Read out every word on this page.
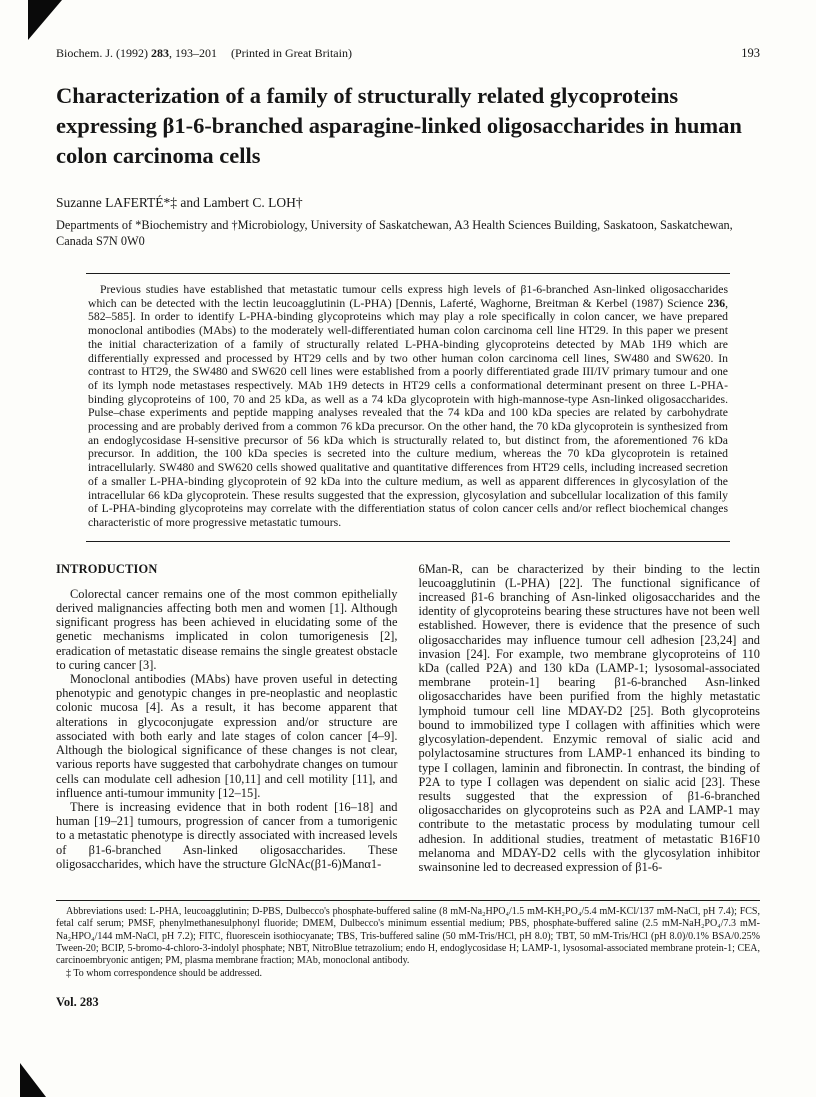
Biochem. J. (1992) 283, 193–201 (Printed in Great Britain)	193
Characterization of a family of structurally related glycoproteins expressing β1-6-branched asparagine-linked oligosaccharides in human colon carcinoma cells
Suzanne LAFERTÉ*‡ and Lambert C. LOH†
Departments of *Biochemistry and †Microbiology, University of Saskatchewan, A3 Health Sciences Building, Saskatoon, Saskatchewan, Canada S7N 0W0

Previous studies have established that metastatic tumour cells express high levels of β1-6-branched Asn-linked oligosaccharides which can be detected with the lectin leucoagglutinin (L-PHA) [Dennis, Laferté, Waghorne, Breitman & Kerbel (1987) Science 236, 582–585]. In order to identify L-PHA-binding glycoproteins which may play a role specifically in colon cancer, we have prepared monoclonal antibodies (MAbs) to the moderately well-differentiated human colon carcinoma cell line HT29. In this paper we present the initial characterization of a family of structurally related L-PHA-binding glycoproteins detected by MAb 1H9 which are differentially expressed and processed by HT29 cells and by two other human colon carcinoma cell lines, SW480 and SW620. In contrast to HT29, the SW480 and SW620 cell lines were established from a poorly differentiated grade III/IV primary tumour and one of its lymph node metastases respectively. MAb 1H9 detects in HT29 cells a conformational determinant present on three L-PHA-binding glycoproteins of 100, 70 and 25 kDa, as well as a 74 kDa glycoprotein with high-mannose-type Asn-linked oligosaccharides. Pulse–chase experiments and peptide mapping analyses revealed that the 74 kDa and 100 kDa species are related by carbohydrate processing and are probably derived from a common 76 kDa precursor. On the other hand, the 70 kDa glycoprotein is synthesized from an endoglycosidase H-sensitive precursor of 56 kDa which is structurally related to, but distinct from, the aforementioned 76 kDa precursor. In addition, the 100 kDa species is secreted into the culture medium, whereas the 70 kDa glycoprotein is retained intracellularly. SW480 and SW620 cells showed qualitative and quantitative differences from HT29 cells, including increased secretion of a smaller L-PHA-binding glycoprotein of 92 kDa into the culture medium, as well as apparent differences in glycosylation of the intracellular 66 kDa glycoprotein. These results suggested that the expression, glycosylation and subcellular localization of this family of L-PHA-binding glycoproteins may correlate with the differentiation status of colon cancer cells and/or reflect biochemical changes characteristic of more progressive metastatic tumours.

INTRODUCTION

Colorectal cancer remains one of the most common epithelially derived malignancies affecting both men and women [1]. Although significant progress has been achieved in elucidating some of the genetic mechanisms implicated in colon tumorigenesis [2], eradication of metastatic disease remains the single greatest obstacle to curing cancer [3].

Monoclonal antibodies (MAbs) have proven useful in detecting phenotypic and genotypic changes in pre-neoplastic and neoplastic colonic mucosa [4]. As a result, it has become apparent that alterations in glycoconjugate expression and/or structure are associated with both early and late stages of colon cancer [4–9]. Although the biological significance of these changes is not clear, various reports have suggested that carbohydrate changes on tumour cells can modulate cell adhesion [10,11] and cell motility [11], and influence anti-tumour immunity [12–15].

There is increasing evidence that in both rodent [16–18] and human [19–21] tumours, progression of cancer from a tumorigenic to a metastatic phenotype is directly associated with increased levels of β1-6-branched Asn-linked oligosaccharides. These oligosaccharides, which have the structure GlcNAc(β1-6)Manα1-

6Man-R, can be characterized by their binding to the lectin leucoagglutinin (L-PHA) [22]. The functional significance of increased β1-6 branching of Asn-linked oligosaccharides and the identity of glycoproteins bearing these structures have not been well established. However, there is evidence that the presence of such oligosaccharides may influence tumour cell adhesion [23,24] and invasion [24]. For example, two membrane glycoproteins of 110 kDa (called P2A) and 130 kDa (LAMP-1; lysosomal-associated membrane protein-1] bearing β1-6-branched Asn-linked oligosaccharides have been purified from the highly metastatic lymphoid tumour cell line MDAY-D2 [25]. Both glycoproteins bound to immobilized type I collagen with affinities which were glycosylation-dependent. Enzymic removal of sialic acid and polylactosamine structures from LAMP-1 enhanced its binding to type I collagen, laminin and fibronectin. In contrast, the binding of P2A to type I collagen was dependent on sialic acid [23]. These results suggested that the expression of β1-6-branched oligosaccharides on glycoproteins such as P2A and LAMP-1 may contribute to the metastatic process by modulating tumour cell adhesion. In additional studies, treatment of metastatic B16F10 melanoma and MDAY-D2 cells with the glycosylation inhibitor swainsonine led to decreased expression of β1-6-

Abbreviations used: L-PHA, leucoagglutinin; D-PBS, Dulbecco's phosphate-buffered saline (8 mM-Na₂HPO₄/1.5 mM-KH₂PO₄/5.4 mM-KCl/137 mM-NaCl, pH 7.4); FCS, fetal calf serum; PMSF, phenylmethanesulphonyl fluoride; DMEM, Dulbecco's minimum essential medium; PBS, phosphate-buffered saline (2.5 mM-NaH₂PO₄/7.3 mM-Na₂HPO₄/144 mM-NaCl, pH 7.2); FITC, fluorescein isothiocyanate; TBS, Tris-buffered saline (50 mM-Tris/HCl, pH 8.0); TBT, 50 mM-Tris/HCl (pH 8.0)/0.1% BSA/0.25% Tween-20; BCIP, 5-bromo-4-chloro-3-indolyl phosphate; NBT, NitroBlue tetrazolium; endo H, endoglycosidase H; LAMP-1, lysosomal-associated membrane protein-1; CEA, carcinoembryonic antigen; PM, plasma membrane fraction; MAb, monoclonal antibody.

‡ To whom correspondence should be addressed.

Vol. 283
